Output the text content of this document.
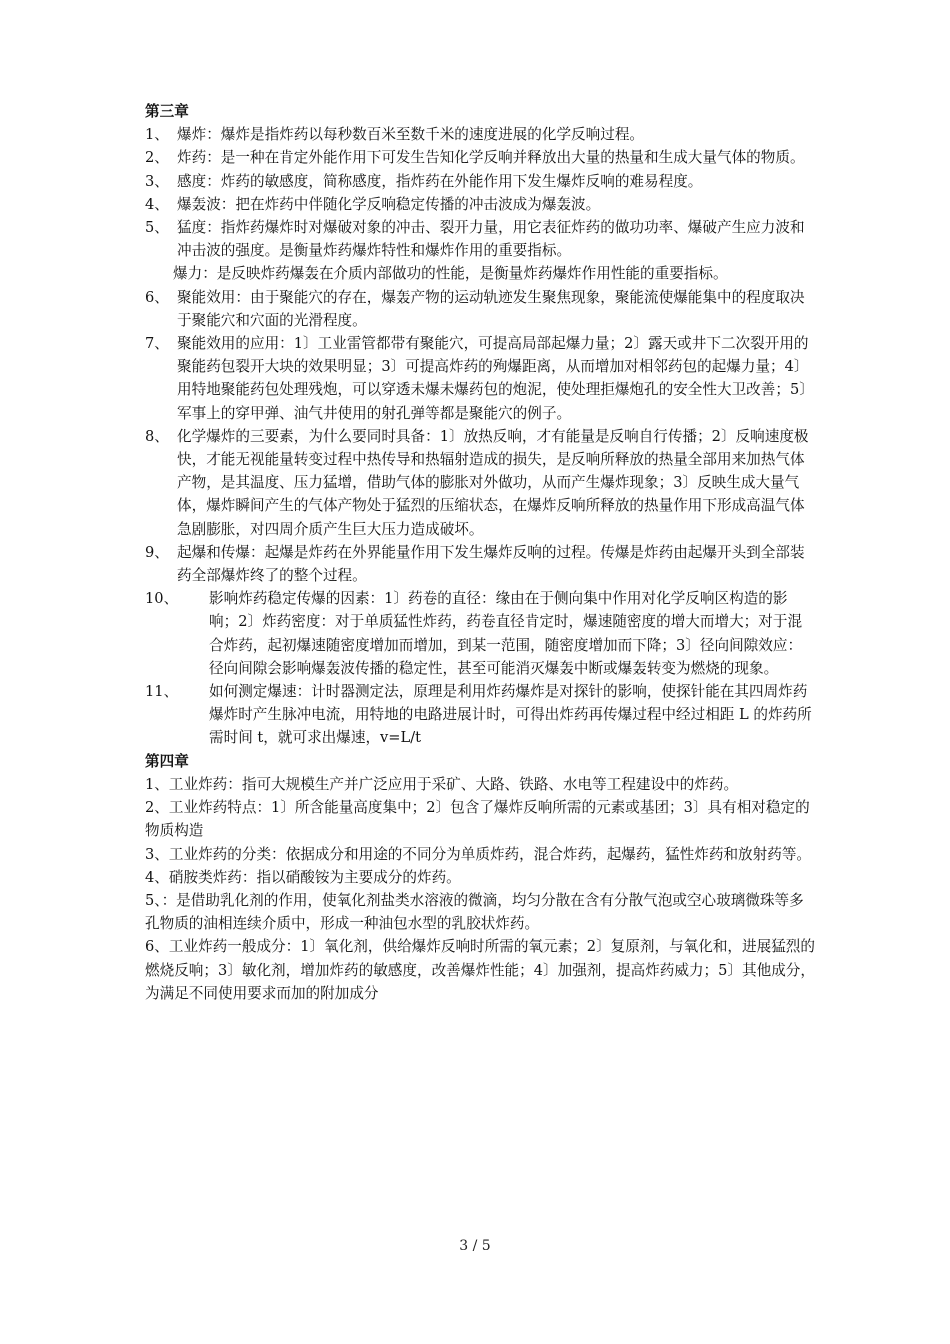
第三章

1、 爆炸：爆炸是指炸药以每秒数百米至数千米的速度进展的化学反响过程。
2、 炸药：是一种在肯定外能作用下可发生告知化学反响并释放出大量的热量和生成大量气体的物质。
3、 感度：炸药的敏感度，简称感度，指炸药在外能作用下发生爆炸反响的难易程度。
4、 爆轰波：把在炸药中伴随化学反响稳定传播的冲击波成为爆轰波。
5、 猛度：指炸药爆炸时对爆破对象的冲击、裂开力量，用它表征炸药的做功功率、爆破产生应力波和冲击波的强度。是衡量炸药爆炸特性和爆炸作用的重要指标。

爆力：是反映炸药爆轰在介质内部做功的性能，是衡量炸药爆炸作用性能的重要指标。

6、 聚能效用：由于聚能穴的存在，爆轰产物的运动轨迹发生聚焦现象，聚能流使爆能集中的程度取决于聚能穴和穴面的光滑程度。
7、 聚能效用的应用：1〕工业雷管都带有聚能穴，可提高局部起爆力量；2〕露天或井下二次裂开用的聚能药包裂开大块的效果明显；3〕可提高炸药的殉爆距离，从而增加对相邻药包的起爆力量；4〕用特地聚能药包处理残炮，可以穿透未爆未爆药包的炮泥，使处理拒爆炮孔的安全性大卫改善；5〕军事上的穿甲弹、油气井使用的射孔弹等都是聚能穴的例子。
8、 化学爆炸的三要素，为什么要同时具备：1〕放热反响，才有能量是反响自行传播；2〕反响速度极快，才能无视能量转变过程中热传导和热辐射造成的损失，是反响所释放的热量全部用来加热气体产物，是其温度、压力猛增，借助气体的膨胀对外做功，从而产生爆炸现象；3〕反映生成大量气体，爆炸瞬间产生的气体产物处于猛烈的压缩状态，在爆炸反响所释放的热量作用下形成高温气体急剧膨胀，对四周介质产生巨大压力造成破坏。
9、 起爆和传爆：起爆是炸药在外界能量作用下发生爆炸反响的过程。传爆是炸药由起爆开头到全部装药全部爆炸终了的整个过程。
10、	影响炸药稳定传爆的因素：1〕药卷的直径：缘由在于侧向集中作用对化学反响区构造的影响；2〕炸药密度：对于单质猛性炸药，药卷直径肯定时，爆速随密度的增大而增大；对于混合炸药，起初爆速随密度增加而增加，到某一范围，随密度增加而下降；3〕径向间隙效应：径向间隙会影响爆轰波传播的稳定性，甚至可能消灭爆轰中断或爆轰转变为燃烧的现象。
11、	如何测定爆速：计时器测定法，原理是利用炸药爆炸是对探针的影响，使探针能在其四周炸药爆炸时产生脉冲电流，用特地的电路进展计时，可得出炸药再传爆过程中经过相距 L 的炸药所需时间 t，就可求出爆速，v=L/t

第四章

1、工业炸药：指可大规模生产并广泛应用于采矿、大路、铁路、水电等工程建设中的炸药。

2、工业炸药特点：1〕所含能量高度集中；2〕包含了爆炸反响所需的元素或基团；3〕具有相对稳定的物质构造

3、工业炸药的分类：依据成分和用途的不同分为单质炸药，混合炸药，起爆药，猛性炸药和放射药等。

4、硝胺类炸药：指以硝酸铵为主要成分的炸药。

5、：是借助乳化剂的作用，使氧化剂盐类水溶液的微滴，均匀分散在含有分散气泡或空心玻璃微珠等多孔物质的油相连续介质中，形成一种油包水型的乳胶状炸药。

6、工业炸药一般成分：1〕氧化剂，供给爆炸反响时所需的氧元素；2〕复原剂，与氧化和，进展猛烈的燃烧反响；3〕敏化剂，增加炸药的敏感度，改善爆炸性能；4〕加强剂，提高炸药威力；5〕其他成分，为满足不同使用要求而加的附加成分

3 / 5
